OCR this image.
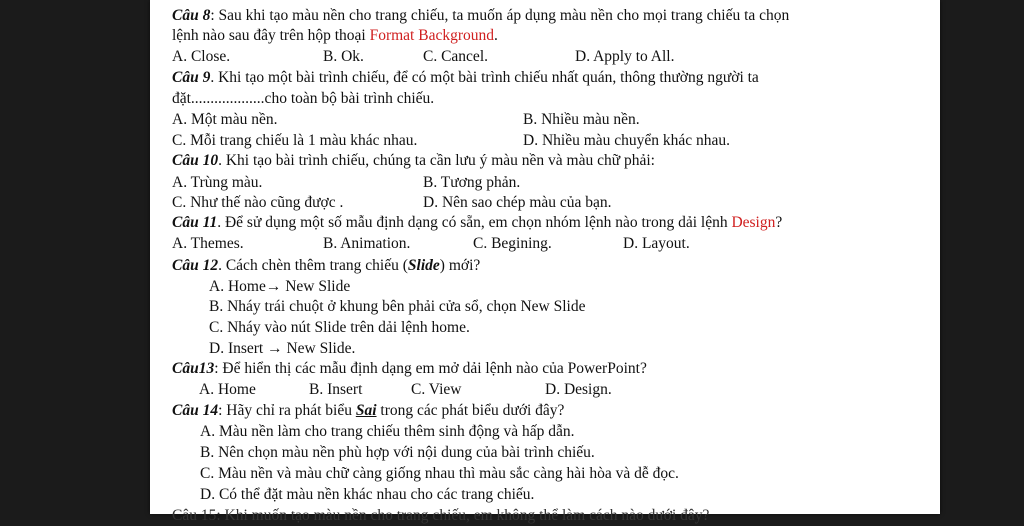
Câu 8: Sau khi tạo màu nền cho trang chiếu, ta muốn áp dụng màu nền cho mọi trang chiếu ta chọn
lệnh nào sau đây trên hộp thoại Format Background.
A. Close.	B. Ok.	C. Cancel.	D. Apply to All.
Câu 9. Khi tạo một bài trình chiếu, để có một bài trình chiếu nhất quán, thông thường người ta
đặt...................cho toàn bộ bài trình chiếu.
A. Một màu nền.	B. Nhiều màu nền.
C. Mỗi trang chiếu là 1 màu khác nhau.	D. Nhiều màu chuyển khác nhau.
Câu 10. Khi tạo bài trình chiếu, chúng ta cần lưu ý màu nền và màu chữ phải:
A. Trùng màu.	B. Tương phản.
C. Như thế nào cũng được .	D. Nên sao chép màu của bạn.
Câu 11. Để sử dụng một số mẫu định dạng có sẵn, em chọn nhóm lệnh nào trong dải lệnh Design?
A. Themes.	B. Animation.	C. Begining.	D. Layout.
Câu 12. Cách chèn thêm trang chiếu (Slide) mới?
A. Home→ New Slide
B. Nháy trái chuột ở khung bên phải cửa sổ, chọn New Slide
C. Nháy vào nút Slide trên dải lệnh home.
D. Insert → New Slide.
Câu13: Để hiển thị các mẫu định dạng em mở dải lệnh nào của PowerPoint?
A. Home	B. Insert	C. View	D. Design.
Câu 14: Hãy chỉ ra phát biểu Sai trong các phát biểu dưới đây?
A. Màu nền làm cho trang chiếu thêm sinh động và hấp dẫn.
B. Nên chọn màu nền phù hợp với nội dung của bài trình chiếu.
C. Màu nền và màu chữ càng giống nhau thì màu sắc càng hài hòa và dễ đọc.
D. Có thể đặt màu nền khác nhau cho các trang chiếu.
Câu 15: Khi muốn tạo màu nền cho trang chiếu, em không thể làm cách nào dưới đây?
